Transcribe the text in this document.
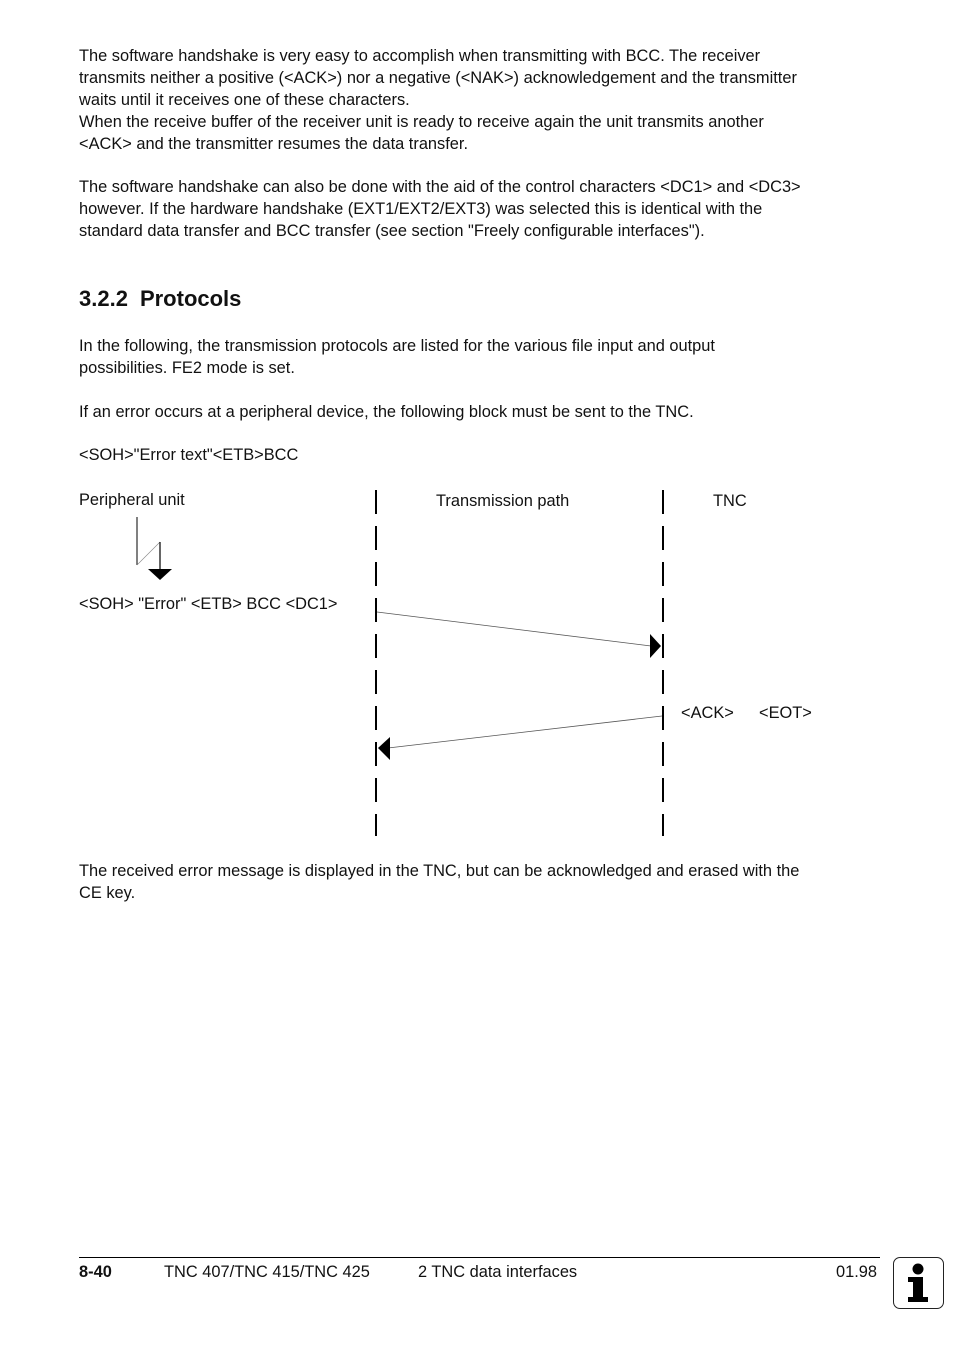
The software handshake is very easy to accomplish when transmitting with BCC. The receiver
transmits neither a positive (<ACK>) nor a negative (<NAK>) acknowledgement and the transmitter
waits until it receives one of these characters.
When the receive buffer of the receiver unit is ready to receive again the unit transmits another
<ACK> and the transmitter resumes the data transfer.

The software handshake can also be done with the aid of the control characters <DC1> and <DC3>
however. If the hardware handshake (EXT1/EXT2/EXT3) was selected this is identical with the
standard data transfer and BCC transfer (see section "Freely configurable interfaces").

3.2.2 Protocols

In the following, the transmission protocols are listed for the various file input and output
possibilities. FE2 mode is set.

If an error occurs at a peripheral device, the following block must be sent to the TNC.

<SOH>"Error text"<ETB>BCC

Peripheral unit	Transmission path	TNC
<SOH> "Error" <ETB> BCC <DC1>
<ACK> <EOT>

The received error message is displayed in the TNC, but can be acknowledged and erased with the
CE key.

8-40	TNC 407/TNC 415/TNC 425	2 TNC data interfaces	01.98
